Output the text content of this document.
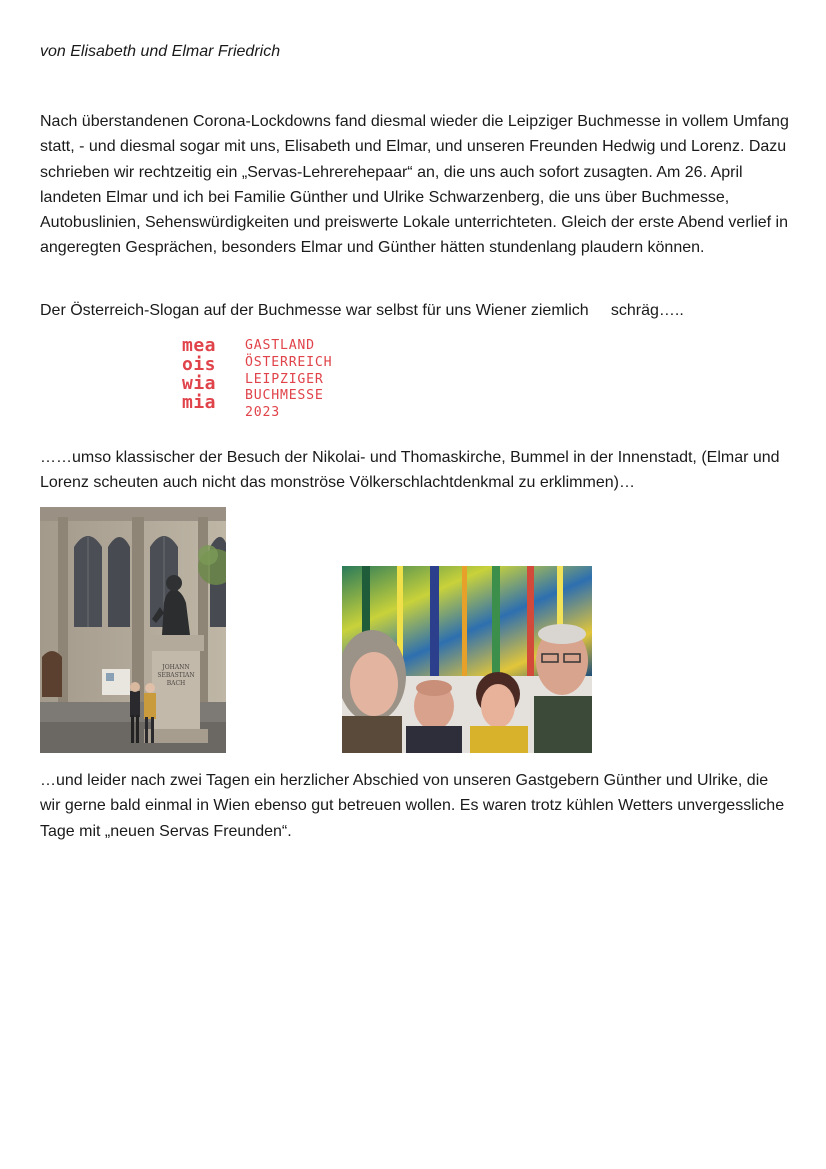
von Elisabeth und Elmar Friedrich

Nach überstandenen Corona-Lockdowns fand diesmal wieder die Leipziger Buchmesse in vollem Umfang statt, - und diesmal sogar mit uns, Elisabeth und Elmar, und unseren Freunden Hedwig und Lorenz. Dazu schrieben wir rechtzeitig ein „Servas-Lehrerehepaar“ an, die uns auch sofort zusagten. Am 26. April landeten Elmar und ich bei Familie Günther und Ulrike Schwarzenberg, die uns über Buchmesse, Autobuslinien, Sehenswürdigkeiten und preiswerte Lokale unterrichteten. Gleich der erste Abend verlief in angeregten Gesprächen, besonders Elmar und Günther hätten stundenlang plaudern können.

Der Österreich-Slogan auf der Buchmesse war selbst für uns Wiener ziemlich     schräg…..

mea
ois
wia
mia
GASTLAND
ÖSTERREICH
LEIPZIGER
BUCHMESSE
2023

……umso klassischer der Besuch der Nikolai- und Thomaskirche, Bummel in der Innenstadt, (Elmar und Lorenz scheuten auch nicht das monströse Völkerschlachtdenkmal zu erklimmen)…

JOHANN
SEBASTIAN
BACH

…und leider nach zwei Tagen ein herzlicher Abschied von unseren Gastgebern Günther und Ulrike, die wir gerne bald einmal in Wien ebenso gut betreuen wollen. Es waren trotz kühlen Wetters unvergessliche Tage mit „neuen Servas Freunden“.
